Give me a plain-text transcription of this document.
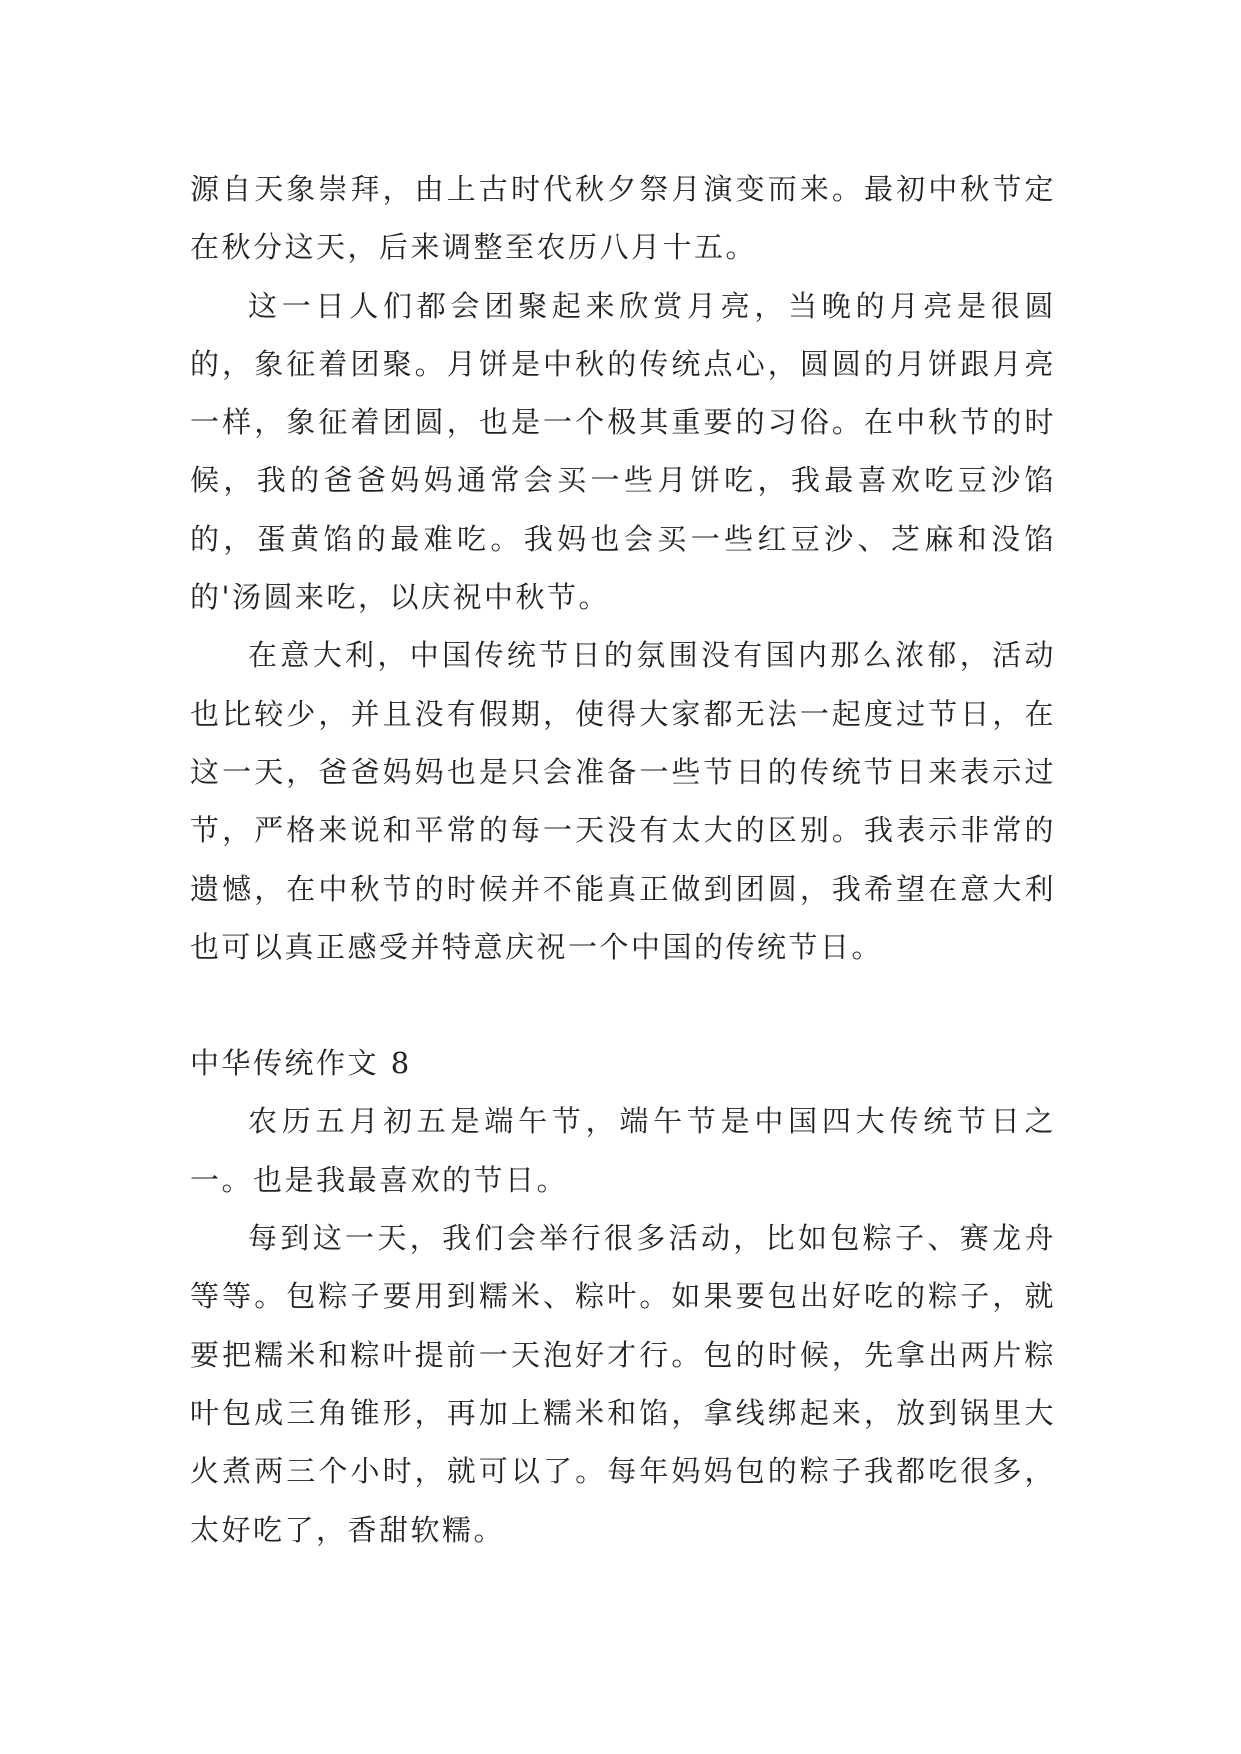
源自天象崇拜，由上古时代秋夕祭月演变而来。最初中秋节定在秋分这天，后来调整至农历八月十五。

这一日人们都会团聚起来欣赏月亮，当晚的月亮是很圆的，象征着团聚。月饼是中秋的传统点心，圆圆的月饼跟月亮一样，象征着团圆，也是一个极其重要的习俗。在中秋节的时候，我的爸爸妈妈通常会买一些月饼吃，我最喜欢吃豆沙馅的，蛋黄馅的最难吃。我妈也会买一些红豆沙、芝麻和没馅的'汤圆来吃，以庆祝中秋节。

在意大利，中国传统节日的氛围没有国内那么浓郁，活动也比较少，并且没有假期，使得大家都无法一起度过节日，在这一天，爸爸妈妈也是只会准备一些节日的传统节日来表示过节，严格来说和平常的每一天没有太大的区别。我表示非常的遗憾，在中秋节的时候并不能真正做到团圆，我希望在意大利也可以真正感受并特意庆祝一个中国的传统节日。

中华传统作文 8

农历五月初五是端午节，端午节是中国四大传统节日之一。也是我最喜欢的节日。

每到这一天，我们会举行很多活动，比如包粽子、赛龙舟等等。包粽子要用到糯米、粽叶。如果要包出好吃的粽子，就要把糯米和粽叶提前一天泡好才行。包的时候，先拿出两片粽叶包成三角锥形，再加上糯米和馅，拿线绑起来，放到锅里大火煮两三个小时，就可以了。每年妈妈包的粽子我都吃很多，太好吃了，香甜软糯。
